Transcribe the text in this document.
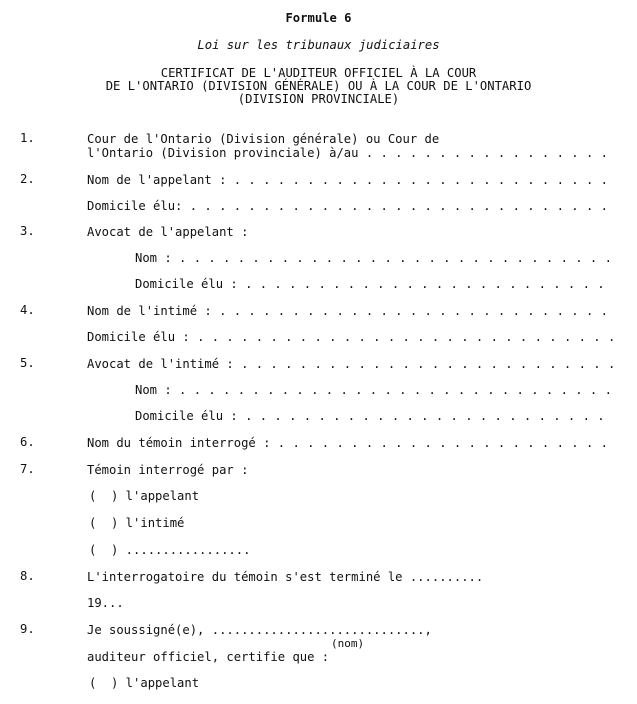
Formule 6
Loi sur les tribunaux judiciaires
CERTIFICAT DE L'AUDITEUR OFFICIEL À LA COUR
DE L'ONTARIO (DIVISION GÉNÉRALE) OU À LA COUR DE L'ONTARIO
(DIVISION PROVINCIALE)
1.	Cour de l'Ontario (Division générale) ou Cour de
l'Ontario (Division provinciale) à/au . . .
2.	Nom de l'appelant : . . .
Domicile élu: . . .
3.	Avocat de l'appelant :
Nom : . . .
Domicile élu : . . .
4.	Nom de l'intimé : . . .
Domicile élu : . . .
5.	Avocat de l'intimé : . . .
Nom : . . .
Domicile élu : . . .
6.	Nom du témoin interrogé : . . .
7.	Témoin interrogé par :
(  ) l'appelant
(  ) l'intimé
(  ) .................
8.	L'interrogatoire du témoin s'est terminé le ..........
19...
9.	Je soussigné(e), .............................,
(nom)
auditeur officiel, certifie que :
(  ) l'appelant
